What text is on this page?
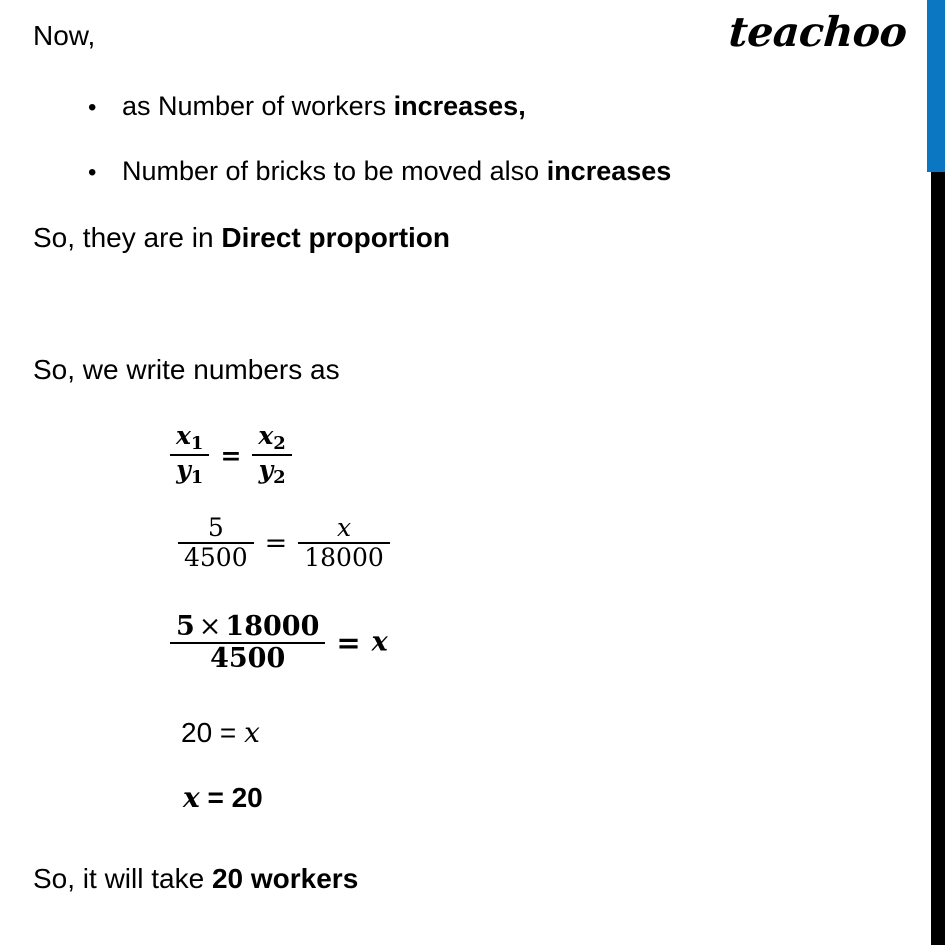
teachoo
Now,
• as Number of workers increases,
• Number of bricks to be moved also increases
So, they are in Direct proportion
So, we write numbers as
$\frac{x_1}{y_1} = \frac{x_2}{y_2}$
$\frac{5}{4500} = \frac{x}{18000}$
$\frac{5 \times 18000}{4500} = x$
20 = x
x = 20
So, it will take 20 workers
